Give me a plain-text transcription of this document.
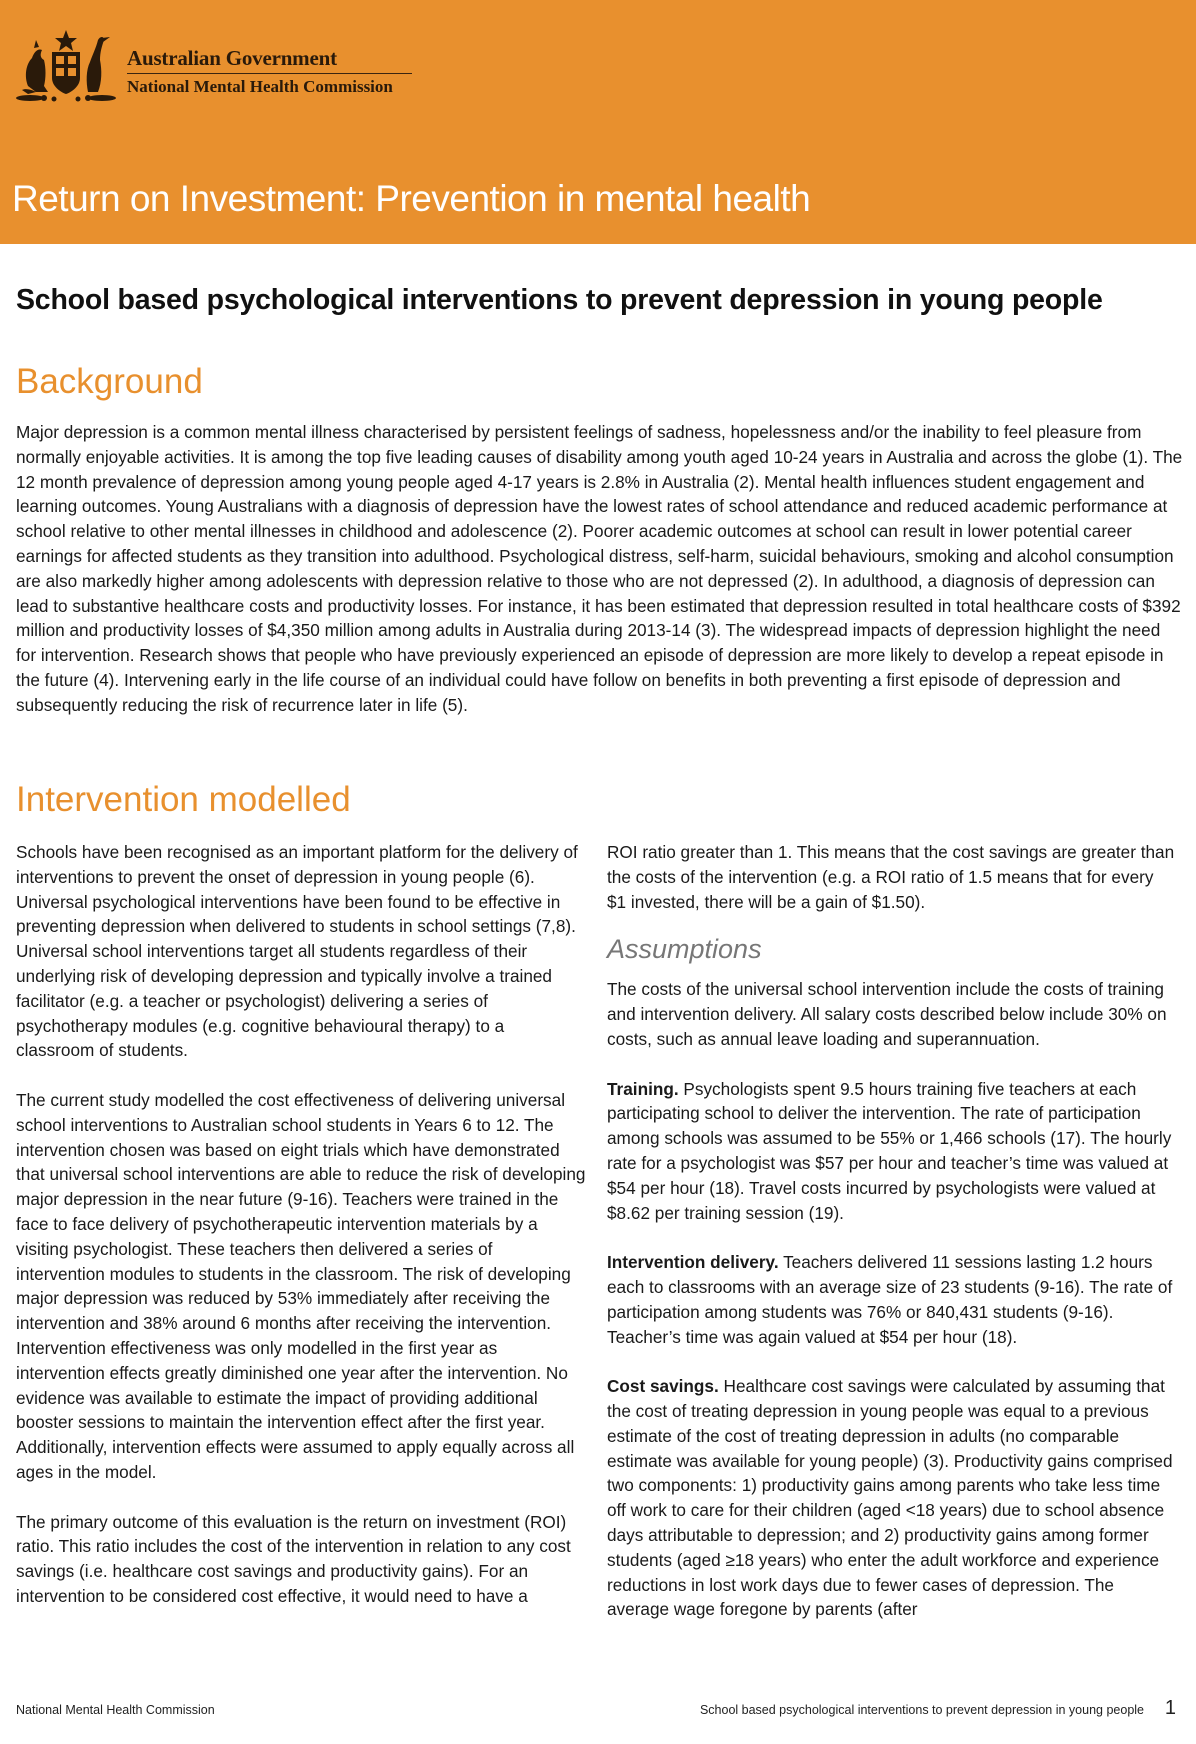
Australian Government
National Mental Health Commission
Return on Investment: Prevention in mental health
School based psychological interventions to prevent depression in young people
Background

Major depression is a common mental illness characterised by persistent feelings of sadness, hopelessness and/or the inability to feel pleasure from normally enjoyable activities. It is among the top five leading causes of disability among youth aged 10-24 years in Australia and across the globe (1). The 12 month prevalence of depression among young people aged 4-17 years is 2.8% in Australia (2). Mental health influences student engagement and learning outcomes. Young Australians with a diagnosis of depression have the lowest rates of school attendance and reduced academic performance at school relative to other mental illnesses in childhood and adolescence (2). Poorer academic outcomes at school can result in lower potential career earnings for affected students as they transition into adulthood. Psychological distress, self-harm, suicidal behaviours, smoking and alcohol consumption are also markedly higher among adolescents with depression relative to those who are not depressed (2). In adulthood, a diagnosis of depression can lead to substantive healthcare costs and productivity losses. For instance, it has been estimated that depression resulted in total healthcare costs of $392 million and productivity losses of $4,350 million among adults in Australia during 2013-14 (3). The widespread impacts of depression highlight the need for intervention. Research shows that people who have previously experienced an episode of depression are more likely to develop a repeat episode in the future (4). Intervening early in the life course of an individual could have follow on benefits in both preventing a first episode of depression and subsequently reducing the risk of recurrence later in life (5).

Intervention modelled

Schools have been recognised as an important platform for the delivery of interventions to prevent the onset of depression in young people (6). Universal psychological interventions have been found to be effective in preventing depression when delivered to students in school settings (7,8). Universal school interventions target all students regardless of their underlying risk of developing depression and typically involve a trained facilitator (e.g. a teacher or psychologist) delivering a series of psychotherapy modules (e.g. cognitive behavioural therapy) to a classroom of students.

The current study modelled the cost effectiveness of delivering universal school interventions to Australian school students in Years 6 to 12. The intervention chosen was based on eight trials which have demonstrated that universal school interventions are able to reduce the risk of developing major depression in the near future (9-16). Teachers were trained in the face to face delivery of psychotherapeutic intervention materials by a visiting psychologist. These teachers then delivered a series of intervention modules to students in the classroom. The risk of developing major depression was reduced by 53% immediately after receiving the intervention and 38% around 6 months after receiving the intervention. Intervention effectiveness was only modelled in the first year as intervention effects greatly diminished one year after the intervention. No evidence was available to estimate the impact of providing additional booster sessions to maintain the intervention effect after the first year. Additionally, intervention effects were assumed to apply equally across all ages in the model.

The primary outcome of this evaluation is the return on investment (ROI) ratio. This ratio includes the cost of the intervention in relation to any cost savings (i.e. healthcare cost savings and productivity gains). For an intervention to be considered cost effective, it would need to have a

ROI ratio greater than 1. This means that the cost savings are greater than the costs of the intervention (e.g. a ROI ratio of 1.5 means that for every $1 invested, there will be a gain of $1.50).

Assumptions

The costs of the universal school intervention include the costs of training and intervention delivery. All salary costs described below include 30% on costs, such as annual leave loading and superannuation.

Training. Psychologists spent 9.5 hours training five teachers at each participating school to deliver the intervention. The rate of participation among schools was assumed to be 55% or 1,466 schools (17). The hourly rate for a psychologist was $57 per hour and teacher’s time was valued at $54 per hour (18). Travel costs incurred by psychologists were valued at $8.62 per training session (19).

Intervention delivery. Teachers delivered 11 sessions lasting 1.2 hours each to classrooms with an average size of 23 students (9-16). The rate of participation among students was 76% or 840,431 students (9-16). Teacher’s time was again valued at $54 per hour (18).

Cost savings. Healthcare cost savings were calculated by assuming that the cost of treating depression in young people was equal to a previous estimate of the cost of treating depression in adults (no comparable estimate was available for young people) (3). Productivity gains comprised two components: 1) productivity gains among parents who take less time off work to care for their children (aged <18 years) due to school absence days attributable to depression; and 2) productivity gains among former students (aged ≥18 years) who enter the adult workforce and experience reductions in lost work days due to fewer cases of depression. The average wage foregone by parents (after

National Mental Health Commission	School based psychological interventions to prevent depression in young people 1
